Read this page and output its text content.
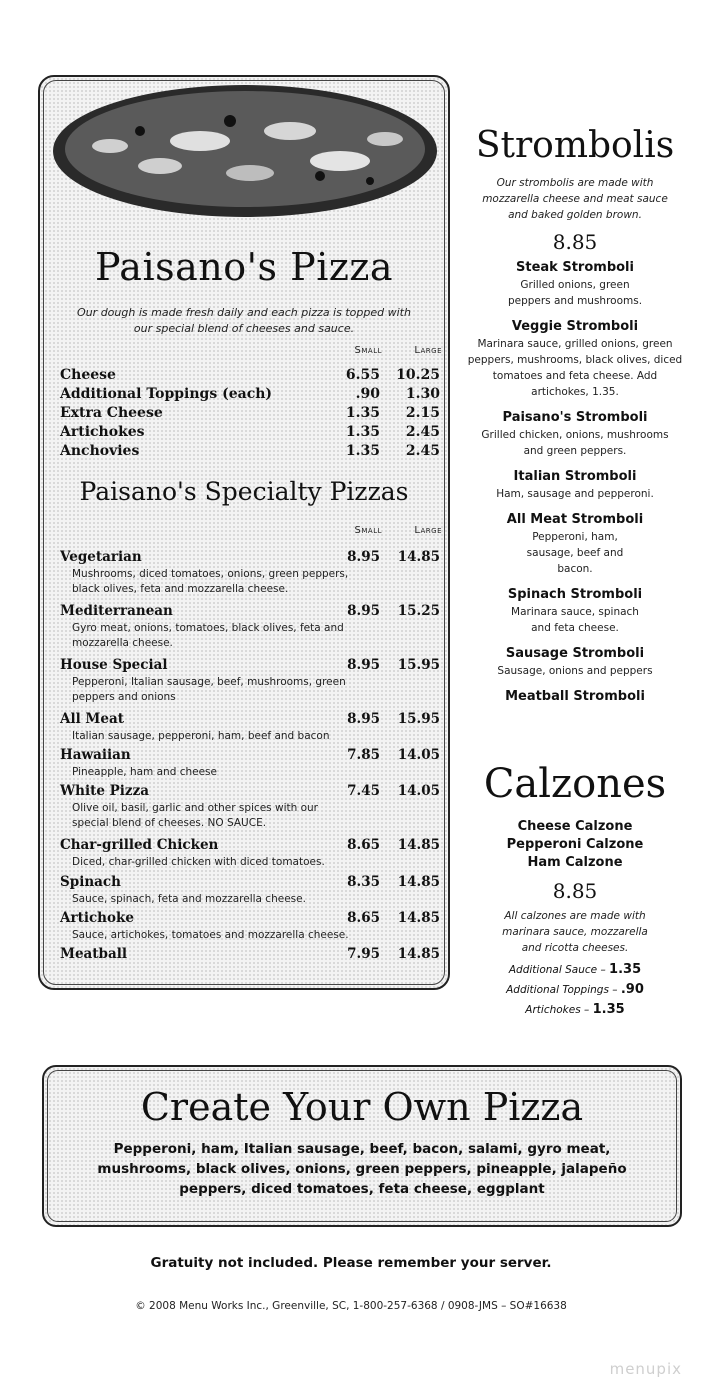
Paisano's Pizza
Our dough is made fresh daily and each pizza is topped with our special blend of cheeses and sauce.
Small	Large
Cheese	6.55	10.25
Additional Toppings (each)	.90	1.30
Extra Cheese	1.35	2.15
Artichokes	1.35	2.45
Anchovies	1.35	2.45
Paisano's Specialty Pizzas
Small	Large
Vegetarian	8.95	14.85
Mushrooms, diced tomatoes, onions, green peppers, black olives, feta and mozzarella cheese.
Mediterranean	8.95	15.25
Gyro meat, onions, tomatoes, black olives, feta and mozzarella cheese.
House Special	8.95	15.95
Pepperoni, Italian sausage, beef, mushrooms, green peppers and onions
All Meat	8.95	15.95
Italian sausage, pepperoni, ham, beef and bacon
Hawaiian	7.85	14.05
Pineapple, ham and cheese
White Pizza	7.45	14.05
Olive oil, basil, garlic and other spices with our special blend of cheeses. NO SAUCE.
Char-grilled Chicken	8.65	14.85
Diced, char-grilled chicken with diced tomatoes.
Spinach	8.35	14.85
Sauce, spinach, feta and mozzarella cheese.
Artichoke	8.65	14.85
Sauce, artichokes, tomatoes and mozzarella cheese.
Meatball	7.95	14.85
Strombolis
Our strombolis are made with mozzarella cheese and meat sauce and baked golden brown.
8.85
Steak Stromboli
Grilled onions, green peppers and mushrooms.
Veggie Stromboli
Marinara sauce, grilled onions, green peppers, mushrooms, black olives, diced tomatoes and feta cheese. Add artichokes, 1.35.
Paisano's Stromboli
Grilled chicken, onions, mushrooms and green peppers.
Italian Stromboli
Ham, sausage and pepperoni.
All Meat Stromboli
Pepperoni, ham, sausage, beef and bacon.
Spinach Stromboli
Marinara sauce, spinach and feta cheese.
Sausage Stromboli
Sausage, onions and peppers
Meatball Stromboli
Calzones
Cheese Calzone
Pepperoni Calzone
Ham Calzone
8.85
All calzones are made with marinara sauce, mozzarella and ricotta cheeses.
Additional Sauce – 1.35
Additional Toppings – .90
Artichokes – 1.35
Create Your Own Pizza
Pepperoni, ham, Italian sausage, beef, bacon, salami, gyro meat, mushrooms, black olives, onions, green peppers, pineapple, jalapeño peppers, diced tomatoes, feta cheese, eggplant
Gratuity not included. Please remember your server.
© 2008 Menu Works Inc., Greenville, SC, 1-800-257-6368 / 0908-JMS – SO#16638
menupix
